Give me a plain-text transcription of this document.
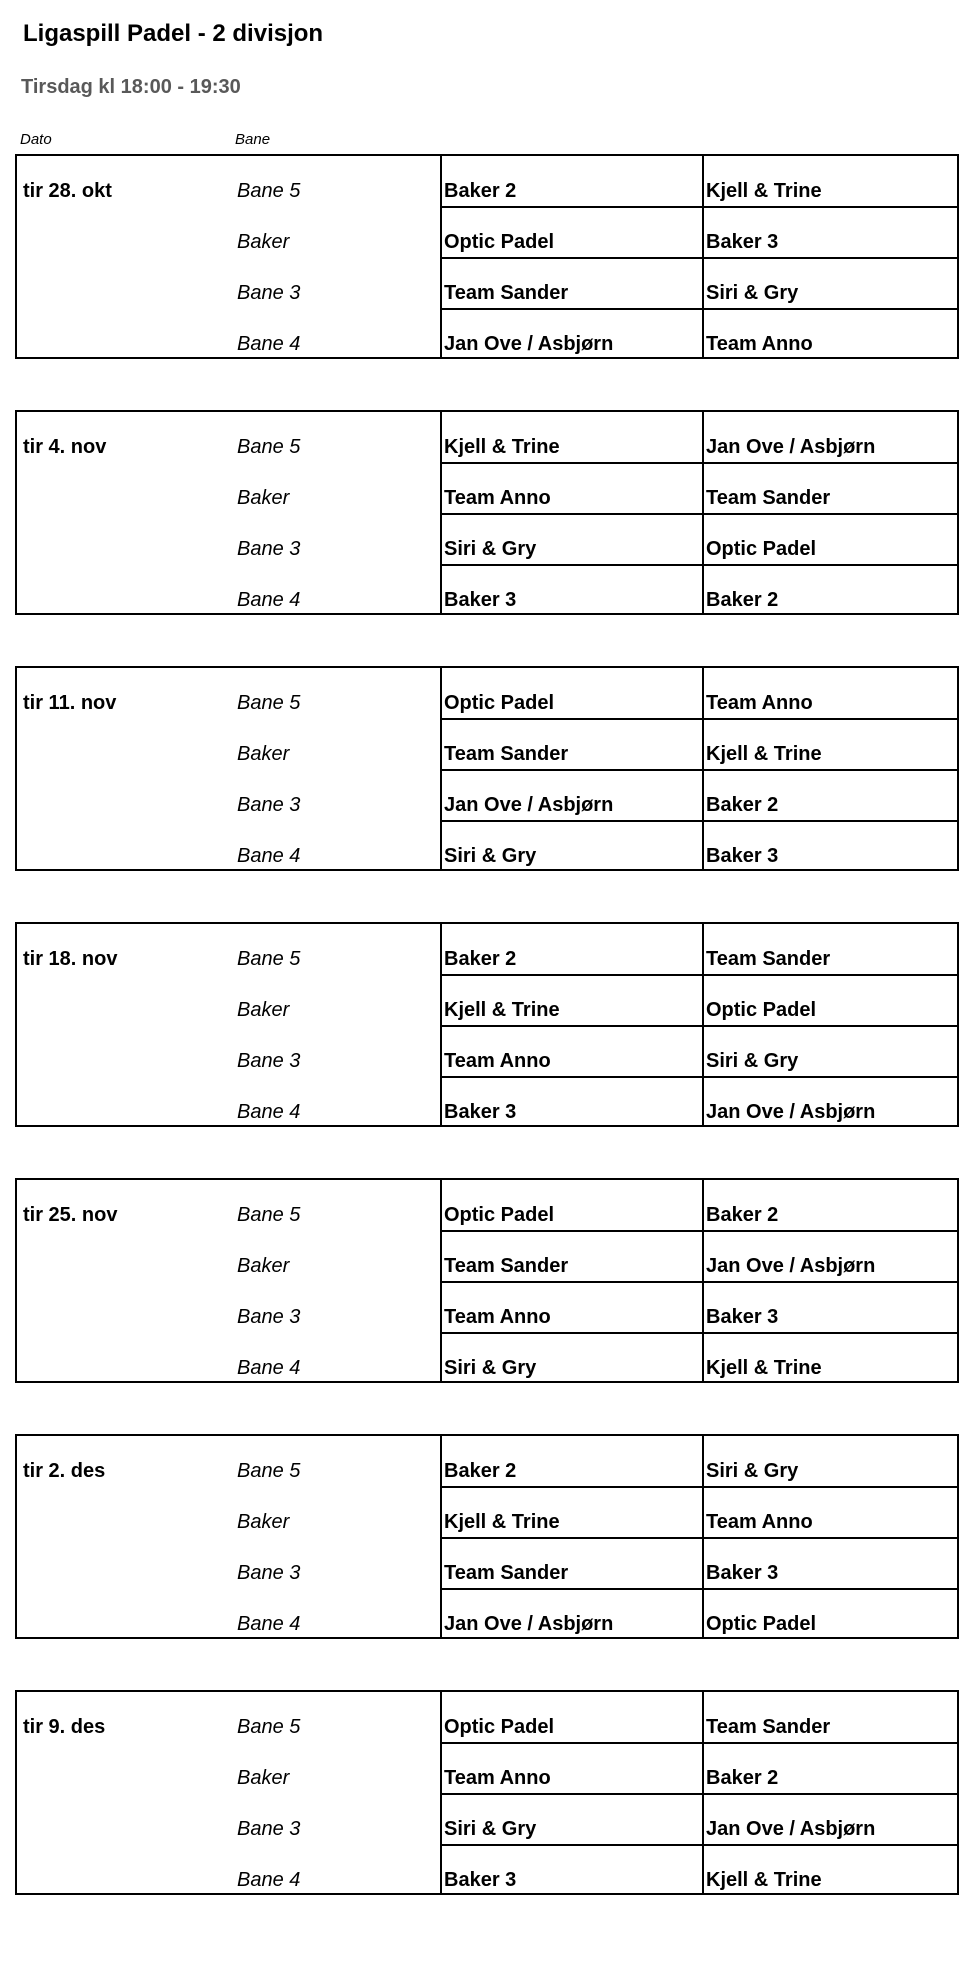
Ligaspill Padel - 2 divisjon
Tirsdag kl 18:00 - 19:30
Dato	Bane
tir 28. okt	Bane 5	Baker 2	Kjell & Trine
Baker	Optic Padel	Baker 3
Bane 3	Team Sander	Siri & Gry
Bane 4	Jan Ove / Asbjørn	Team Anno
tir 4. nov	Bane 5	Kjell & Trine	Jan Ove / Asbjørn
Baker	Team Anno	Team Sander
Bane 3	Siri & Gry	Optic Padel
Bane 4	Baker 3	Baker 2
tir 11. nov	Bane 5	Optic Padel	Team Anno
Baker	Team Sander	Kjell & Trine
Bane 3	Jan Ove / Asbjørn	Baker 2
Bane 4	Siri & Gry	Baker 3
tir 18. nov	Bane 5	Baker 2	Team Sander
Baker	Kjell & Trine	Optic Padel
Bane 3	Team Anno	Siri & Gry
Bane 4	Baker 3	Jan Ove / Asbjørn
tir 25. nov	Bane 5	Optic Padel	Baker 2
Baker	Team Sander	Jan Ove / Asbjørn
Bane 3	Team Anno	Baker 3
Bane 4	Siri & Gry	Kjell & Trine
tir 2. des	Bane 5	Baker 2	Siri & Gry
Baker	Kjell & Trine	Team Anno
Bane 3	Team Sander	Baker 3
Bane 4	Jan Ove / Asbjørn	Optic Padel
tir 9. des	Bane 5	Optic Padel	Team Sander
Baker	Team Anno	Baker 2
Bane 3	Siri & Gry	Jan Ove / Asbjørn
Bane 4	Baker 3	Kjell & Trine
